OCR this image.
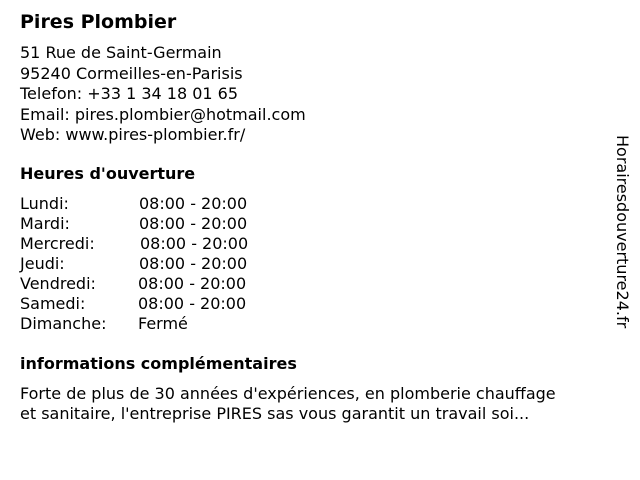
Pires Plombier
51 Rue de Saint-Germain
95240 Cormeilles-en-Parisis
Telefon: +33 1 34 18 01 65
Email: pires.plombier@hotmail.com
Web: www.pires-plombier.fr/
Heures d'ouverture
Lundi:	08:00 - 20:00
Mardi:	08:00 - 20:00
Mercredi:	08:00 - 20:00
Jeudi:	08:00 - 20:00
Vendredi:	08:00 - 20:00
Samedi:	08:00 - 20:00
Dimanche: Fermé
informations complémentaires
Forte de plus de 30 années d'expériences, en plomberie chauffage
et sanitaire, l'entreprise PIRES sas vous garantit un travail soi...
Horairesdouverture24.fr
